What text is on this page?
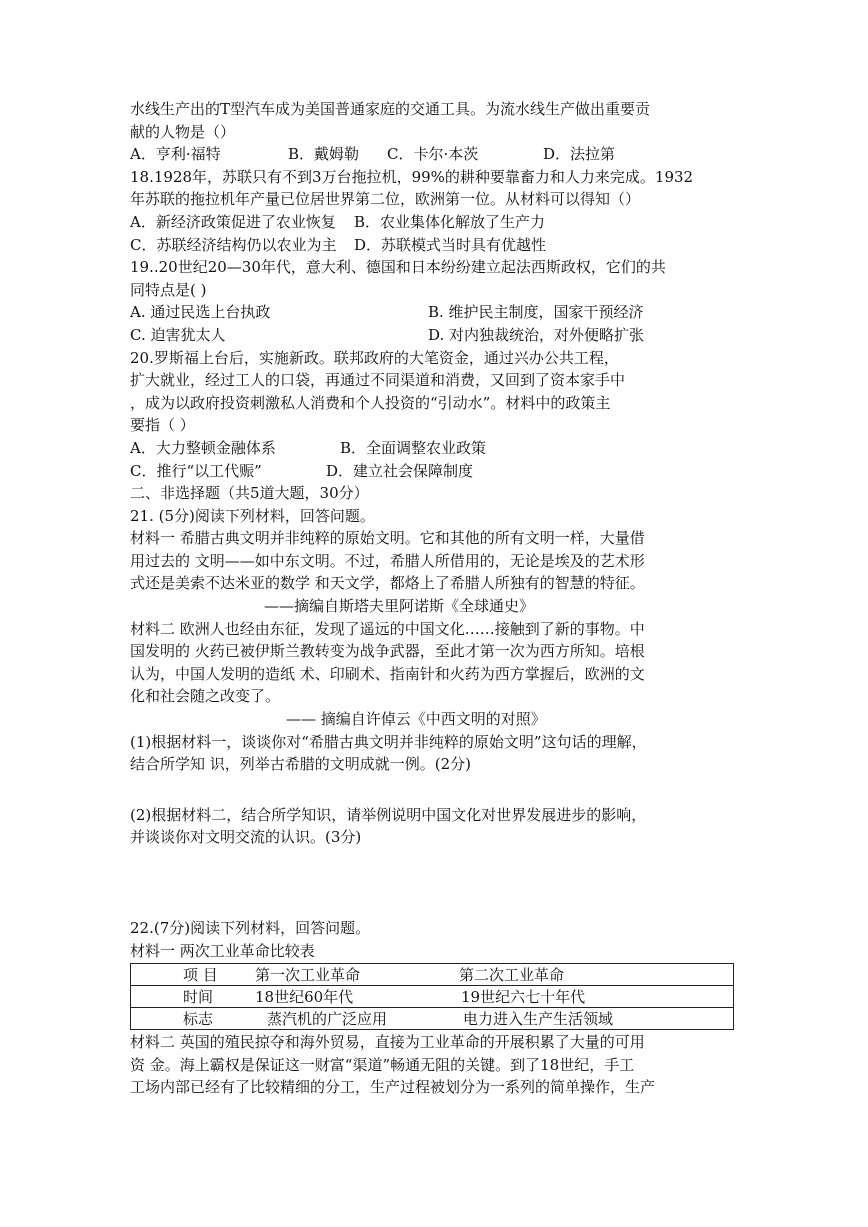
水线生产出的T型汽车成为美国普通家庭的交通工具。为流水线生产做出重要贡
献的人物是（）
A．亨利·福特	B．戴姆勒 C．卡尔·本茨	D．法拉第
18.1928年，苏联只有不到3万台拖拉机，99%的耕种要靠畜力和人力来完成。1932
年苏联的拖拉机年产量已位居世界第二位，欧洲第一位。从材料可以得知（）
A．新经济政策促进了农业恢复 B．农业集体化解放了生产力
C．苏联经济结构仍以农业为主 D．苏联模式当时具有优越性
19..20世纪20—30年代，意大利、德国和日本纷纷建立起法西斯政权，它们的共
同特点是( )
A. 通过民选上台执政	B. 维护民主制度，国家干预经济
C. 迫害犹太人	D. 对内独裁统治，对外便略扩张
20.罗斯福上台后，实施新政。联邦政府的大笔资金，通过兴办公共工程，
扩大就业，经过工人的口袋，再通过不同渠道和消费，又回到了资本家手中
，成为以政府投资刺激私人消费和个人投资的“引动水”。材料中的政策主
要指（ ）
A．大力整顿金融体系	B．全面调整农业政策
C．推行“以工代赈”	D．建立社会保障制度
二、非选择题（共5道大题，30分）
21. (5分)阅读下列材料，回答问题。
材料一 希腊古典文明并非纯粹的原始文明。它和其他的所有文明一样，大量借
用过去的 文明——如中东文明。不过，希腊人所借用的，无论是埃及的艺术形
式还是美索不达米亚的数学 和天文学，都烙上了希腊人所独有的智慧的特征。
——摘编自斯塔夫里阿诺斯《全球通史》
材料二 欧洲人也经由东征，发现了遥远的中国文化……接触到了新的事物。中
国发明的 火药已被伊斯兰教转变为战争武器，至此才第一次为西方所知。培根
认为，中国人发明的造纸 术、印刷术、指南针和火药为西方掌握后，欧洲的文
化和社会随之改变了。
—— 摘编自许倬云《中西文明的对照》
(1)根据材料一，谈谈你对“希腊古典文明并非纯粹的原始文明”这句话的理解，
结合所学知 识，列举古希腊的文明成就一例。(2分)
(2)根据材料二，结合所学知识，请举例说明中国文化对世界发展进步的影响，
并谈谈你对文明交流的认识。(3分)
22.(7分)阅读下列材料，回答问题。
材料一 两次工业革命比较表
项 目 第一次工业革命	第二次工业革命
时间	18世纪60年代	19世纪六七十年代
标志	蒸汽机的广泛应用	电力进入生产生活领域
材料二 英国的殖民掠夺和海外贸易，直接为工业革命的开展积累了大量的可用
资 金。海上霸权是保证这一财富“渠道”畅通无阻的关键。到了18世纪，手工
工场内部已经有了比较精细的分工，生产过程被划分为一系列的简单操作，生产
